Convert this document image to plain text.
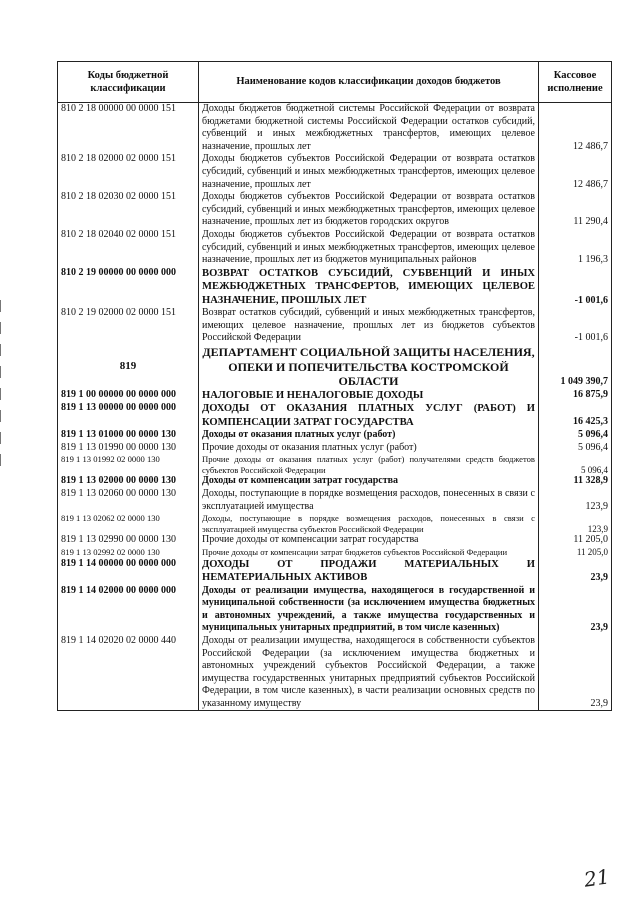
Коды бюджетной классификации	Наименование кодов классификации доходов бюджетов	Кассовое исполнение
810 2 18 00000 00 0000 151	Доходы бюджетов бюджетной системы Российской Федерации от возврата бюджетами бюджетной системы Российской Федерации остатков субсидий, субвенций и иных межбюджетных трансфертов, имеющих целевое назначение, прошлых лет	12 486,7
810 2 18 02000 02 0000 151	Доходы бюджетов субъектов Российской Федерации от возврата остатков субсидий, субвенций и иных межбюджетных трансфертов, имеющих целевое назначение, прошлых лет	12 486,7
810 2 18 02030 02 0000 151	Доходы бюджетов субъектов Российской Федерации от возврата остатков субсидий, субвенций и иных межбюджетных трансфертов, имеющих целевое назначение, прошлых лет из бюджетов городских округов	11 290,4
810 2 18 02040 02 0000 151	Доходы бюджетов субъектов Российской Федерации от возврата остатков субсидий, субвенций и иных межбюджетных трансфертов, имеющих целевое назначение, прошлых лет из бюджетов муниципальных районов	1 196,3
810 2 19 00000 00 0000 000	ВОЗВРАТ ОСТАТКОВ СУБСИДИЙ, СУБВЕНЦИЙ И ИНЫХ МЕЖБЮДЖЕТНЫХ ТРАНСФЕРТОВ, ИМЕЮЩИХ ЦЕЛЕВОЕ НАЗНАЧЕНИЕ, ПРОШЛЫХ ЛЕТ	-1 001,6
810 2 19 02000 02 0000 151	Возврат остатков субсидий, субвенций и иных межбюджетных трансфертов, имеющих целевое назначение, прошлых лет из бюджетов субъектов Российской Федерации	-1 001,6
819	ДЕПАРТАМЕНТ СОЦИАЛЬНОЙ ЗАЩИТЫ НАСЕЛЕНИЯ, ОПЕКИ И ПОПЕЧИТЕЛЬСТВА КОСТРОМСКОЙ ОБЛАСТИ	1 049 390,7
819 1 00 00000 00 0000 000	НАЛОГОВЫЕ И НЕНАЛОГОВЫЕ ДОХОДЫ	16 875,9
819 1 13 00000 00 0000 000	ДОХОДЫ ОТ ОКАЗАНИЯ ПЛАТНЫХ УСЛУГ (РАБОТ) И КОМПЕНСАЦИИ ЗАТРАТ ГОСУДАРСТВА	16 425,3
819 1 13 01000 00 0000 130	Доходы от оказания платных услуг (работ)	5 096,4
819 1 13 01990 00 0000 130	Прочие доходы от оказания платных услуг (работ)	5 096,4
819 1 13 01992 02 0000 130	Прочие доходы от оказания платных услуг (работ) получателями средств бюджетов субъектов Российской Федерации	5 096,4
819 1 13 02000 00 0000 130	Доходы от компенсации затрат государства	11 328,9
819 1 13 02060 00 0000 130	Доходы, поступающие в порядке возмещения расходов, понесенных в связи с эксплуатацией имущества	123,9
819 1 13 02062 02 0000 130	Доходы, поступающие в порядке возмещения расходов, понесенных в связи с эксплуатацией имущества субъектов Российской Федерации	123,9
819 1 13 02990 00 0000 130	Прочие доходы от компенсации затрат государства	11 205,0
819 1 13 02992 02 0000 130	Прочие доходы от компенсации затрат бюджетов субъектов Российской Федерации	11 205,0
819 1 14 00000 00 0000 000	ДОХОДЫ ОТ ПРОДАЖИ МАТЕРИАЛЬНЫХ И НЕМАТЕРИАЛЬНЫХ АКТИВОВ	23,9
819 1 14 02000 00 0000 000	Доходы от реализации имущества, находящегося в государственной и муниципальной собственности (за исключением имущества бюджетных и автономных учреждений, а также имущества государственных и муниципальных унитарных предприятий, в том числе казенных)	23,9
819 1 14 02020 02 0000 440	Доходы от реализации имущества, находящегося в собственности субъектов Российской Федерации (за исключением имущества бюджетных и автономных учреждений субъектов Российской Федерации, а также имущества государственных унитарных предприятий субъектов Российской Федерации, в том числе казенных), в части реализации основных средств по указанному имуществу	23,9
21
